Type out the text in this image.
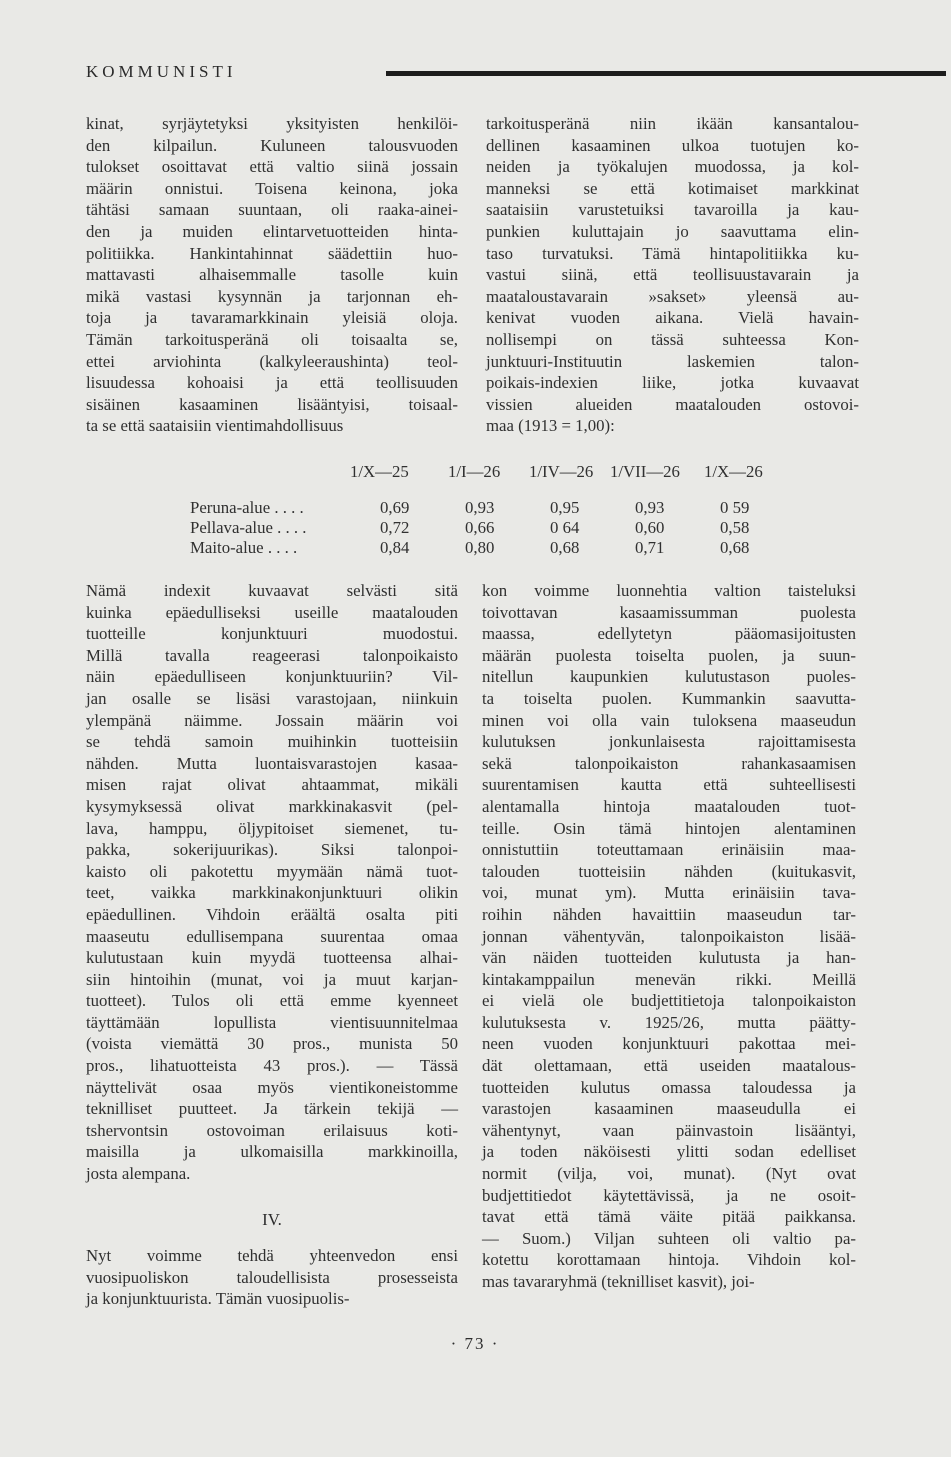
KOMMUNISTI
kinat, syrjäytetyksi yksityisten henkilöi-
den kilpailun. Kuluneen talousvuoden
tulokset osoittavat että valtio siinä jossain
määrin onnistui. Toisena keinona, joka
tähtäsi samaan suuntaan, oli raaka-ainei-
den ja muiden elintarvetuotteiden hinta-
politiikka. Hankintahinnat säädettiin huo-
mattavasti alhaisemmalle tasolle kuin
mikä vastasi kysynnän ja tarjonnan eh-
toja ja tavaramarkkinain yleisiä oloja.
Tämän tarkoitusperänä oli toisaalta se,
ettei arviohinta (kalkyleeraushinta) teol-
lisuudessa kohoaisi ja että teollisuuden
sisäinen kasaaminen lisääntyisi, toisaal-
ta se että saataisiin vientimahdollisuus
tarkoitusperänä niin ikään kansantalou-
dellinen kasaaminen ulkoa tuotujen ko-
neiden ja työkalujen muodossa, ja kol-
manneksi se että kotimaiset markkinat
saataisiin varustetuiksi tavaroilla ja kau-
punkien kuluttajain jo saavuttama elin-
taso turvatuksi. Tämä hintapolitiikka ku-
vastui siinä, että teollisuustavarain ja
maataloustavarain »sakset» yleensä au-
kenivat vuoden aikana. Vielä havain-
nollisempi on tässä suhteessa Kon-
junktuuri-Instituutin laskemien talon-
poikais-indexien liike, jotka kuvaavat
vissien alueiden maatalouden ostovoi-
maa (1913 = 1,00):
1/X—25 1/I—26 1/IV—26 1/VII—26 1/X—26
Peruna-alue . . . .	0,69	0,93	0,95	0,93	0 59
Pellava-alue . . . .	0,72	0,66	0 64	0,60	0,58
Maito-alue . . . .	0,84	0,80	0,68	0,71	0,68
Nämä indexit kuvaavat selvästi sitä
kuinka epäedulliseksi useille maatalouden
tuotteille konjunktuuri muodostui.
Millä tavalla reageerasi talonpoikaisto
näin epäedulliseen konjunktuuriin? Vil-
jan osalle se lisäsi varastojaan, niinkuin
ylempänä näimme. Jossain määrin voi
se tehdä samoin muihinkin tuotteisiin
nähden. Mutta luontaisvarastojen kasaa-
misen rajat olivat ahtaammat, mikäli
kysymyksessä olivat markkinakasvit (pel-
lava, hamppu, öljypitoiset siemenet, tu-
pakka, sokerijuurikas). Siksi talonpoi-
kaisto oli pakotettu myymään nämä tuot-
teet, vaikka markkinakonjunktuuri olikin
epäedullinen. Vihdoin eräältä osalta piti
maaseutu edullisempana suurentaa omaa
kulutustaan kuin myydä tuotteensa alhai-
siin hintoihin (munat, voi ja muut karjan-
tuotteet). Tulos oli että emme kyenneet
täyttämään lopullista vientisuunnitelmaa
(voista viemättä 30 pros., munista 50
pros., lihatuotteista 43 pros.). — Tässä
näyttelivät osaa myös vientikoneistomme
teknilliset puutteet. Ja tärkein tekijä —
tshervontsin ostovoiman erilaisuus koti-
maisilla ja ulkomaisilla markkinoilla,
josta alempana.
IV.
Nyt voimme tehdä yhteenvedon ensi
vuosipuoliskon taloudellisista prosesseista
ja konjunktuurista. Tämän vuosipuolis-
kon voimme luonnehtia valtion taisteluksi
toivottavan kasaamissumman puolesta
maassa, edellytetyn pääomasijoitusten
määrän puolesta toiselta puolen, ja suun-
nitellun kaupunkien kulutustason puoles-
ta toiselta puolen. Kummankin saavutta-
minen voi olla vain tuloksena maaseudun
kulutuksen jonkunlaisesta rajoittamisesta
sekä talonpoikaiston rahankasaamisen
suurentamisen kautta että suhteellisesti
alentamalla hintoja maatalouden tuot-
teille. Osin tämä hintojen alentaminen
onnistuttiin toteuttamaan erinäisiin maa-
talouden tuotteisiin nähden (kuitukasvit,
voi, munat ym). Mutta erinäisiin tava-
roihin nähden havaittiin maaseudun tar-
jonnan vähentyvän, talonpoikaiston lisää-
vän näiden tuotteiden kulutusta ja han-
kintakamppailun menevän rikki. Meillä
ei vielä ole budjettitietoja talonpoikaiston
kulutuksesta v. 1925/26, mutta päätty-
neen vuoden konjunktuuri pakottaa mei-
dät olettamaan, että useiden maatalous-
tuotteiden kulutus omassa taloudessa ja
varastojen kasaaminen maaseudulla ei
vähentynyt, vaan päinvastoin lisääntyi,
ja toden näköisesti ylitti sodan edelliset
normit (vilja, voi, munat). (Nyt ovat
budjettitiedot käytettävissä, ja ne osoit-
tavat että tämä väite pitää paikkansa.
— Suom.) Viljan suhteen oli valtio pa-
kotettu korottamaan hintoja. Vihdoin kol-
mas tavararyhmä (teknilliset kasvit), joi-
· 73 ·
